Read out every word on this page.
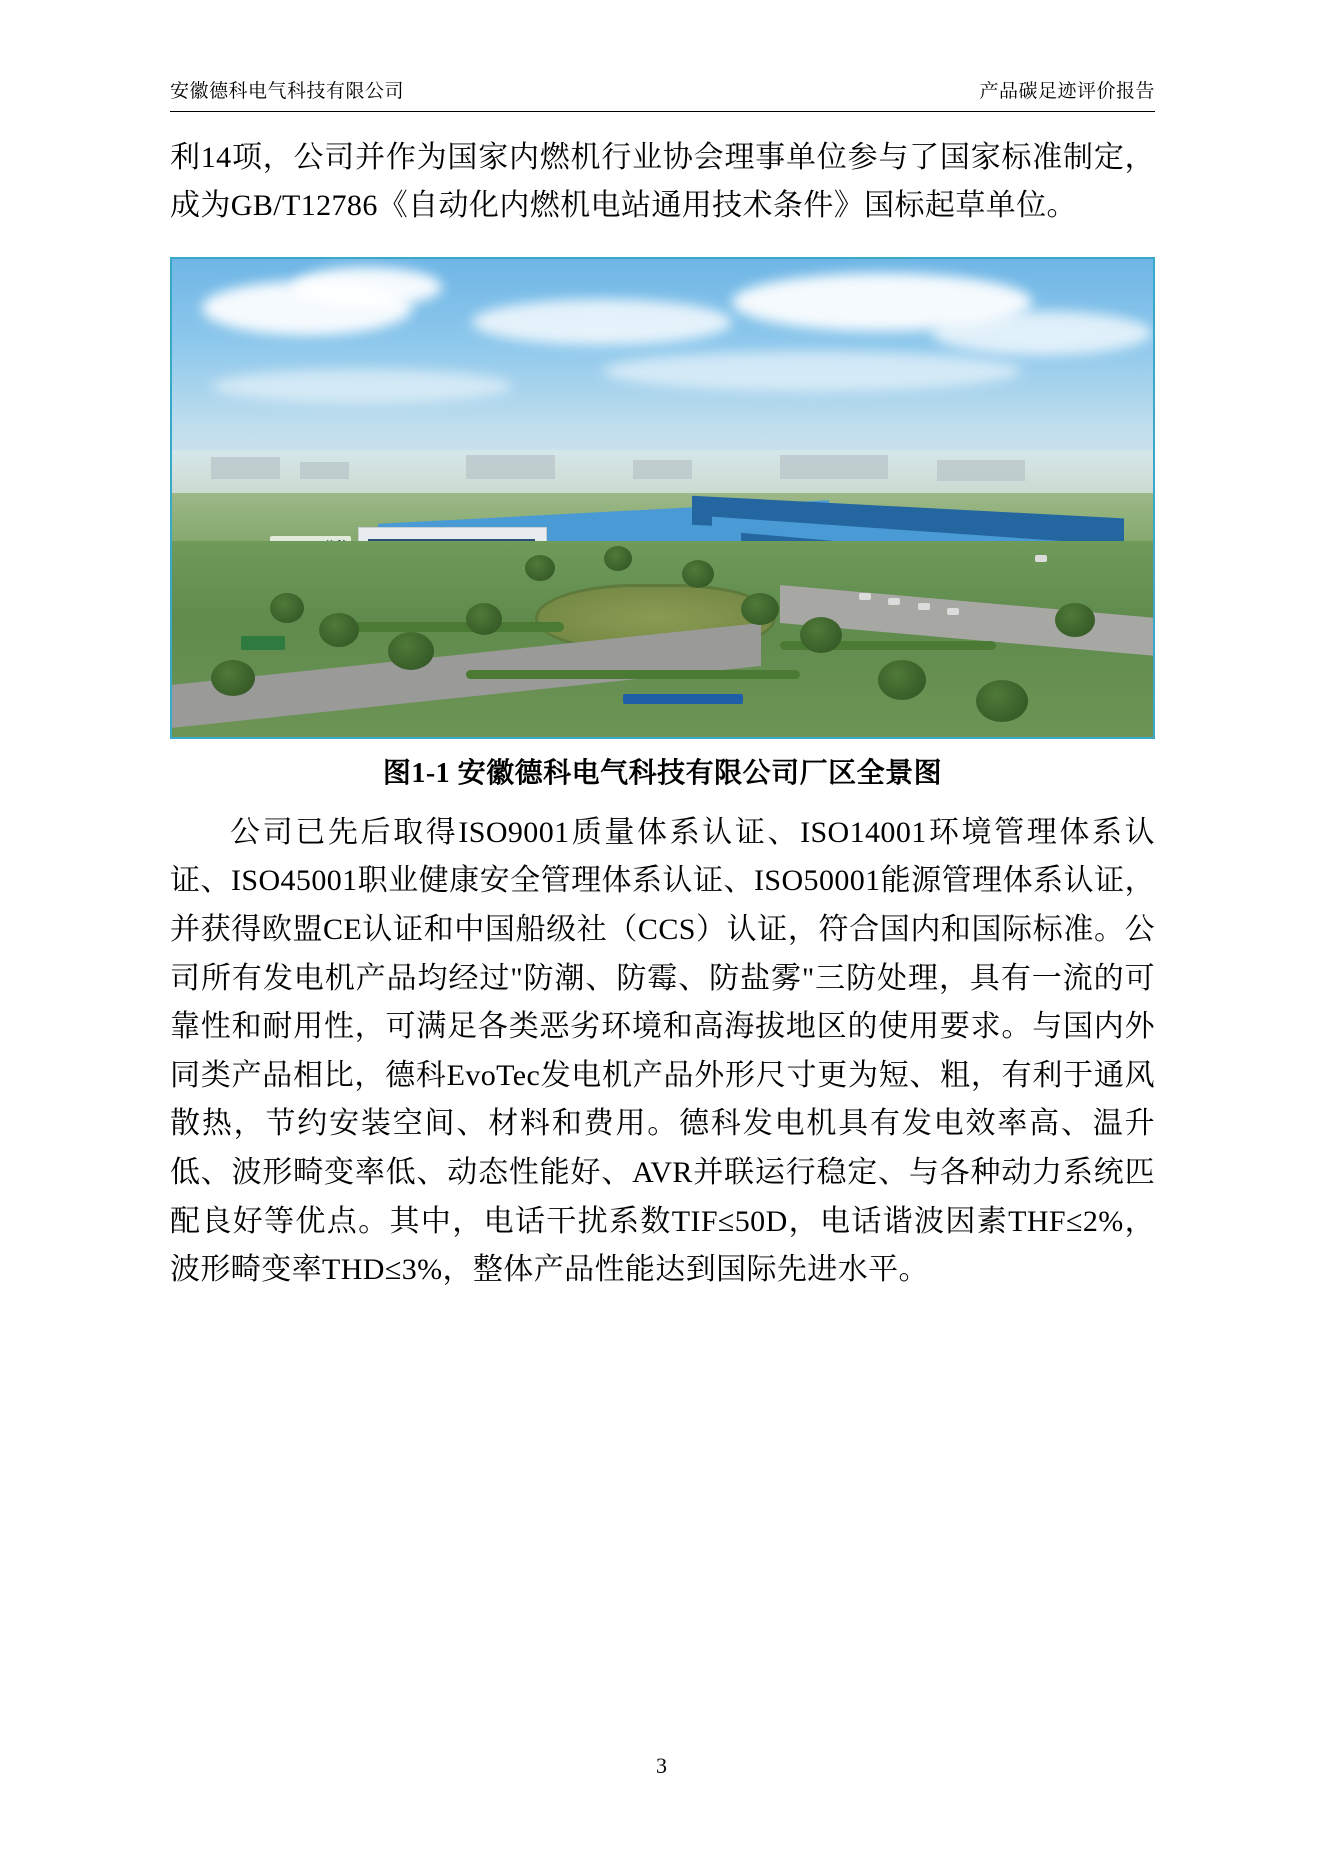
安徽德科电气科技有限公司	产品碳足迹评价报告

利14项，公司并作为国家内燃机行业协会理事单位参与了国家标准制定，成为GB/T12786《自动化内燃机电站通用技术条件》国标起草单位。

图1-1 安徽德科电气科技有限公司厂区全景图

公司已先后取得ISO9001质量体系认证、ISO14001环境管理体系认证、ISO45001职业健康安全管理体系认证、ISO50001能源管理体系认证，并获得欧盟CE认证和中国船级社（CCS）认证，符合国内和国际标准。公司所有发电机产品均经过"防潮、防霉、防盐雾"三防处理，具有一流的可靠性和耐用性，可满足各类恶劣环境和高海拔地区的使用要求。与国内外同类产品相比，德科EvoTec发电机产品外形尺寸更为短、粗，有利于通风散热，节约安装空间、材料和费用。德科发电机具有发电效率高、温升低、波形畸变率低、动态性能好、AVR并联运行稳定、与各种动力系统匹配良好等优点。其中，电话干扰系数TIF≤50D，电话谐波因素THF≤2%，波形畸变率THD≤3%，整体产品性能达到国际先进水平。

3
